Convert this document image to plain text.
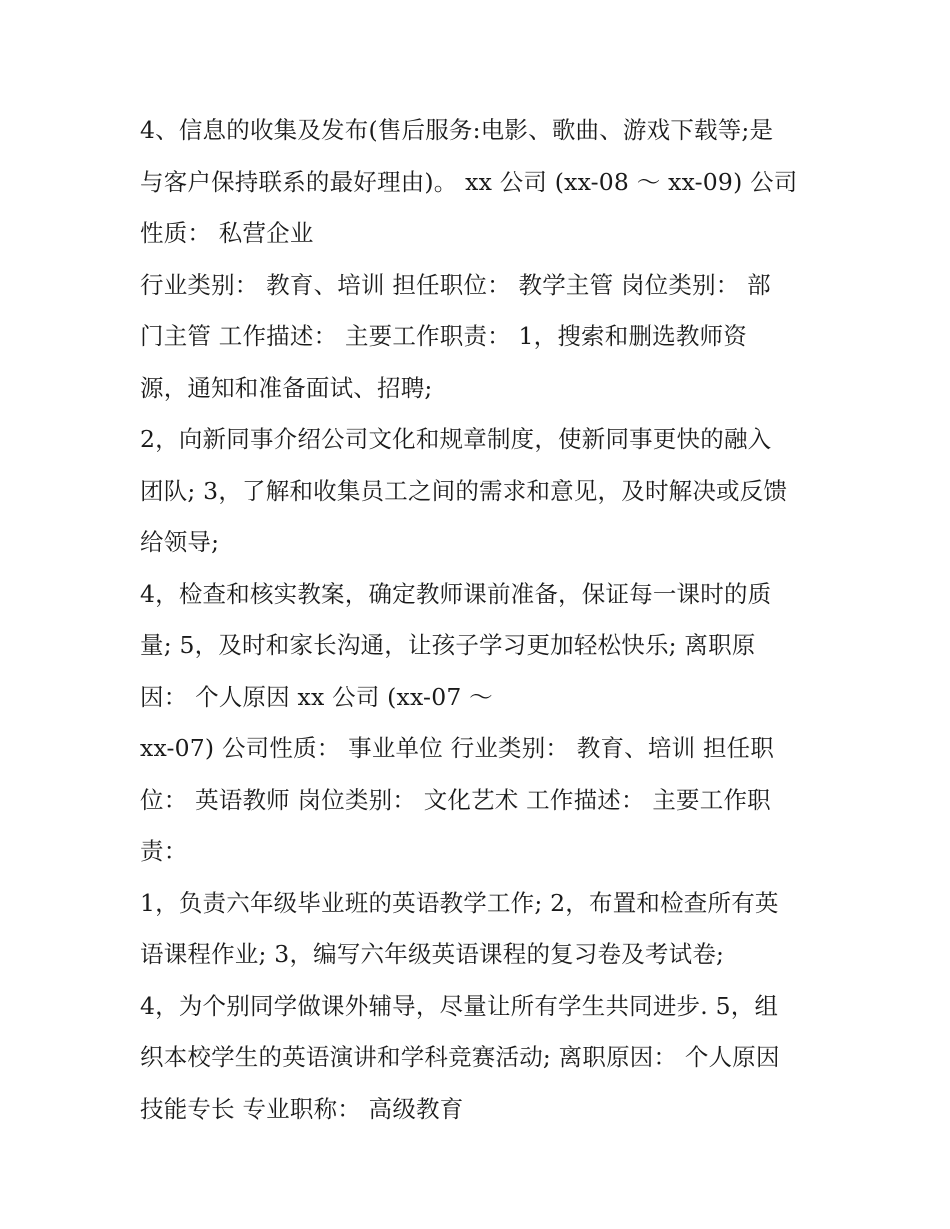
4、信息的收集及发布(售后服务:电影、歌曲、游戏下载等;是
与客户保持联系的最好理由)。 xx 公司 (xx-08 ～ xx-09) 公司
性质： 私营企业
行业类别： 教育、培训 担任职位： 教学主管 岗位类别： 部
门主管 工作描述： 主要工作职责： 1，搜索和删选教师资
源，通知和准备面试、招聘;
2，向新同事介绍公司文化和规章制度，使新同事更快的融入
团队; 3，了解和收集员工之间的需求和意见，及时解决或反馈
给领导;
4，检查和核实教案，确定教师课前准备，保证每一课时的质
量; 5，及时和家长沟通，让孩子学习更加轻松快乐; 离职原
因： 个人原因 xx 公司 (xx-07 ～
xx-07) 公司性质： 事业单位 行业类别： 教育、培训 担任职
位： 英语教师 岗位类别： 文化艺术 工作描述： 主要工作职
责：
1，负责六年级毕业班的英语教学工作; 2，布置和检查所有英
语课程作业; 3，编写六年级英语课程的复习卷及考试卷;
4，为个别同学做课外辅导，尽量让所有学生共同进步. 5，组
织本校学生的英语演讲和学科竞赛活动; 离职原因： 个人原因
技能专长 专业职称： 高级教育
